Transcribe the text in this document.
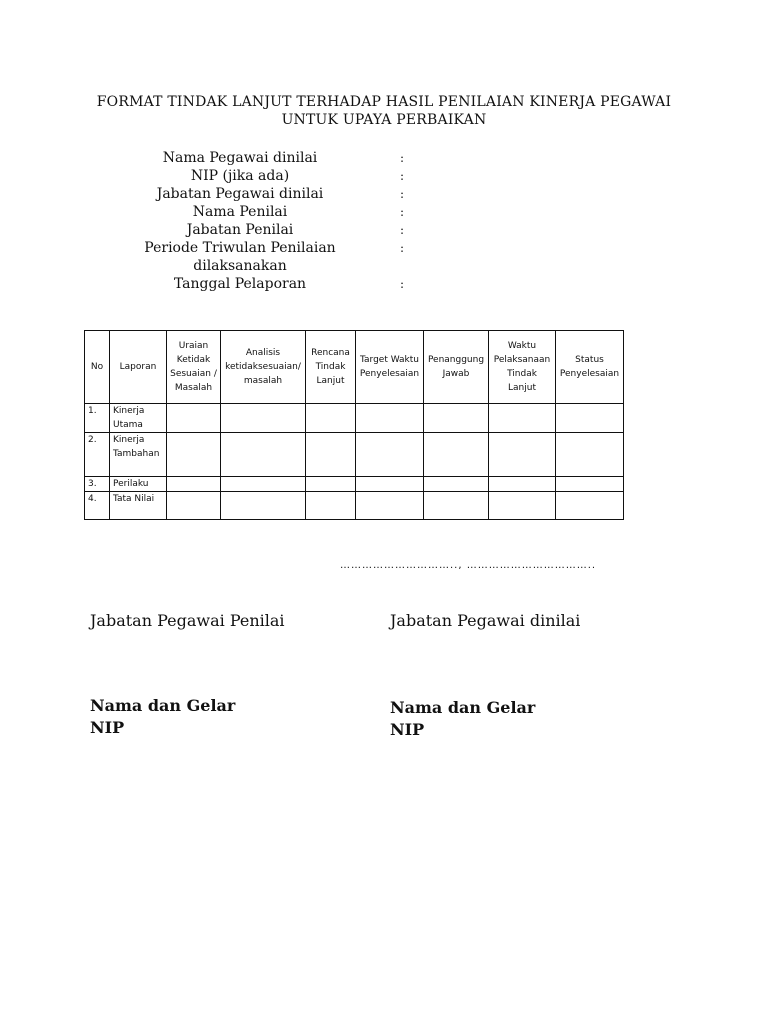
FORMAT TINDAK LANJUT TERHADAP HASIL PENILAIAN KINERJA PEGAWAI
UNTUK UPAYA PERBAIKAN
Nama Pegawai dinilai	:
NIP (jika ada)	:
Jabatan Pegawai dinilai	:
Nama Penilai	:
Jabatan Penilai	:
Periode Triwulan Penilaian dilaksanakan
:
Tanggal Pelaporan	:
No	Laporan	Uraian Ketidak Sesuaian / Masalah	Analisis ketidaksesuaian/ masalah	Rencana Tindak Lanjut	Target Waktu Penyelesaian	Penanggung Jawab	Waktu Pelaksanaan Tindak Lanjut	Status Penyelesaian
1.	Kinerja Utama							
2.	Kinerja Tambahan							
3.	Perilaku							
4.	Tata Nilai							
………………………….., ……………………………..
Jabatan Pegawai Penilai	Jabatan Pegawai dinilai
Nama dan Gelar
NIP
Nama dan Gelar
NIP
